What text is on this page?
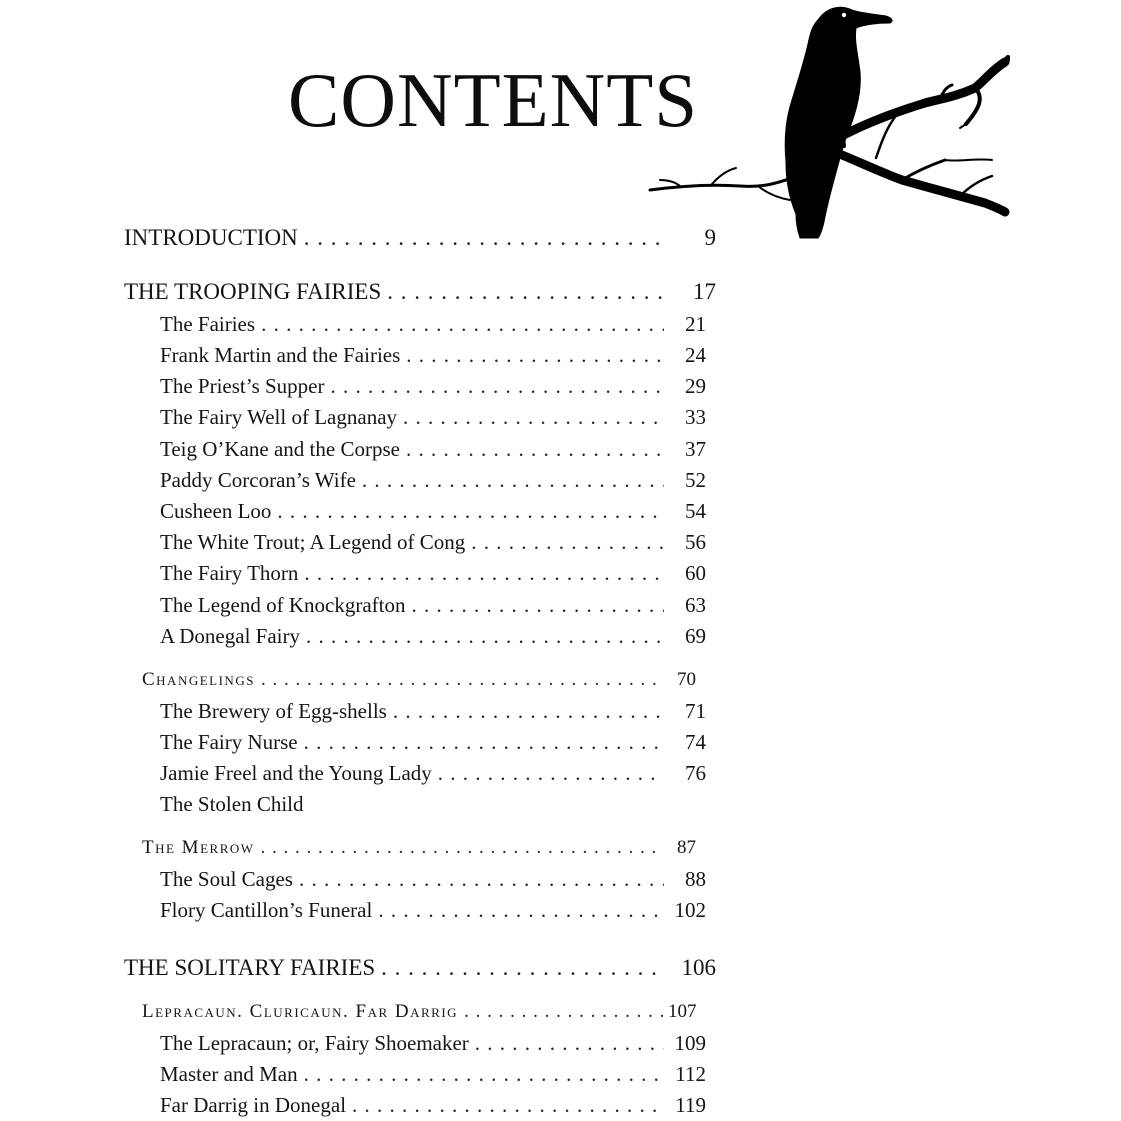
CONTENTS
INTRODUCTION . . .	9
THE TROOPING FAIRIES . . .	17
The Fairies . . .	21
Frank Martin and the Fairies . . .	24
The Priest’s Supper . . .	29
The Fairy Well of Lagnanay . . .	33
Teig O’Kane and the Corpse . . .	37
Paddy Corcoran’s Wife . . .	52
Cusheen Loo . . .	54
The White Trout; A Legend of Cong . . .	56
The Fairy Thorn . . .	60
The Legend of Knockgrafton . . .	63
A Donegal Fairy . . .	69
Changelings . . .	70
The Brewery of Egg-shells . . .	71
The Fairy Nurse . . .	74
Jamie Freel and the Young Lady . . .	76
The Stolen Child
The Merrow . . .	87
The Soul Cages . . .	88
Flory Cantillon’s Funeral . . .	102
THE SOLITARY FAIRIES . . .	106
Lepracaun. Cluricaun. Far Darrig . . .	107
The Lepracaun; or, Fairy Shoemaker . . .	109
Master and Man . . .	112
Far Darrig in Donegal . . .	119
